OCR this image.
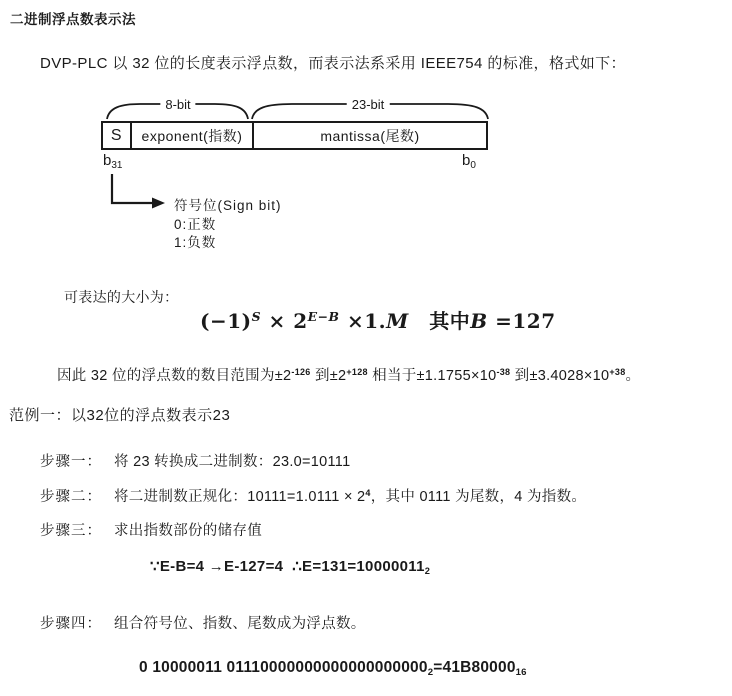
二进制浮点数表示法
DVP-PLC 以 32 位的长度表示浮点数，而表示法系采用 IEEE754 的标准，格式如下：
8-bit	23-bit
S	exponent(指数)	mantissa(尾数)
b31	b0
符号位(Sign bit)
0:正数
1:负数
可表达的大小为：
$(-1)^S \times 2^{E-B} \times 1.M$　其中B =127
因此 32 位的浮点数的数目范围为$\pm 2^{-126}$ 到$\pm 2^{+128}$ 相当于$\pm 1.1755\times 10^{-38}$ 到$\pm 3.4028\times 10^{+38}$。
范例一：以32位的浮点数表示23
步骤一： 将 23 转换成二进制数：23.0=10111
步骤二： 将二进制数正规化：$10111=1.0111 \times 2^4$，其中 0111 为尾数，4 为指数。
步骤三： 求出指数部份的储存值
∵E-B=4 →E-127=4  ∴E=131=100000112
步骤四： 组合符号位、指数、尾数成为浮点数。
0 10000011 011100000000000000000002=41B8000016
